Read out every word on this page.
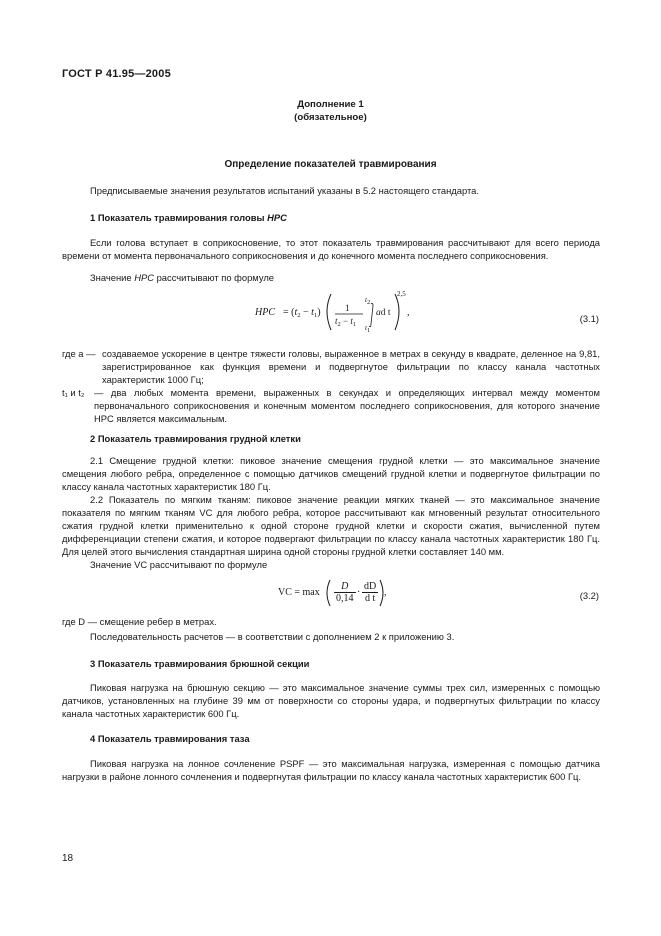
ГОСТ Р 41.95—2005
Дополнение 1
(обязательное)
Определение показателей травмирования
Предписываемые значения результатов испытаний указаны в 5.2 настоящего стандарта.
1 Показатель травмирования головы HPC
Если голова вступает в соприкосновение, то этот показатель травмирования рассчитывают для всего периода времени от момента первоначального соприкосновения и до конечного момента последнего соприкосновения.
Значение HPC рассчитывают по формуле
HPC = $(t_2 - t_1)$	1
$t_2 - t_1$
$t_2$
$t_1$
ad t
2,5
,
(3.1)
где a — создаваемое ускорение в центре тяжести головы, выраженное в метрах в секунду в квадрате, деленное на 9,81, зарегистрированное как функция времени и подвергнутое фильтрации по классу канала частотных характеристик 1000 Гц;
t₁ и t₂ — два любых момента времени, выраженных в секундах и определяющих интервал между моментом первоначального соприкосновения и конечным моментом последнего соприкосновения, для которого значение HPC является максимальным.
2 Показатель травмирования грудной клетки
2.1 Смещение грудной клетки: пиковое значение смещения грудной клетки — это максимальное значение смещения любого ребра, определенное с помощью датчиков смещений грудной клетки и подвергнутое фильтрации по классу канала частотных характеристик 180 Гц.
2.2 Показатель по мягким тканям: пиковое значение реакции мягких тканей — это максимальное значение показателя по мягким тканям VC для любого ребра, которое рассчитывают как мгновенный результат относительного сжатия грудной клетки применительно к одной стороне грудной клетки и скорости сжатия, вычисленной путем дифференциации степени сжатия, и которое подвергают фильтрации по классу канала частотных характеристик 180 Гц. Для целей этого вычисления стандартная ширина одной стороны грудной клетки составляет 140 мм.
Значение VC рассчитывают по формуле
VC = $\max \frac{D}{0,14} \cdot \frac{dD}{\text{d t}}$ ,	(3.2)
где D — смещение ребер в метрах.
Последовательность расчетов — в соответствии с дополнением 2 к приложению 3.
3 Показатель травмирования брюшной секции
Пиковая нагрузка на брюшную секцию — это максимальное значение суммы трех сил, измеренных с помощью датчиков, установленных на глубине 39 мм от поверхности со стороны удара, и подвергнутых фильтрации по классу канала частотных характеристик 600 Гц.
4 Показатель травмирования таза
Пиковая нагрузка на лонное сочленение PSPF — это максимальная нагрузка, измеренная с помощью датчика нагрузки в районе лонного сочленения и подвергнутая фильтрации по классу канала частотных характеристик 600 Гц.
18
